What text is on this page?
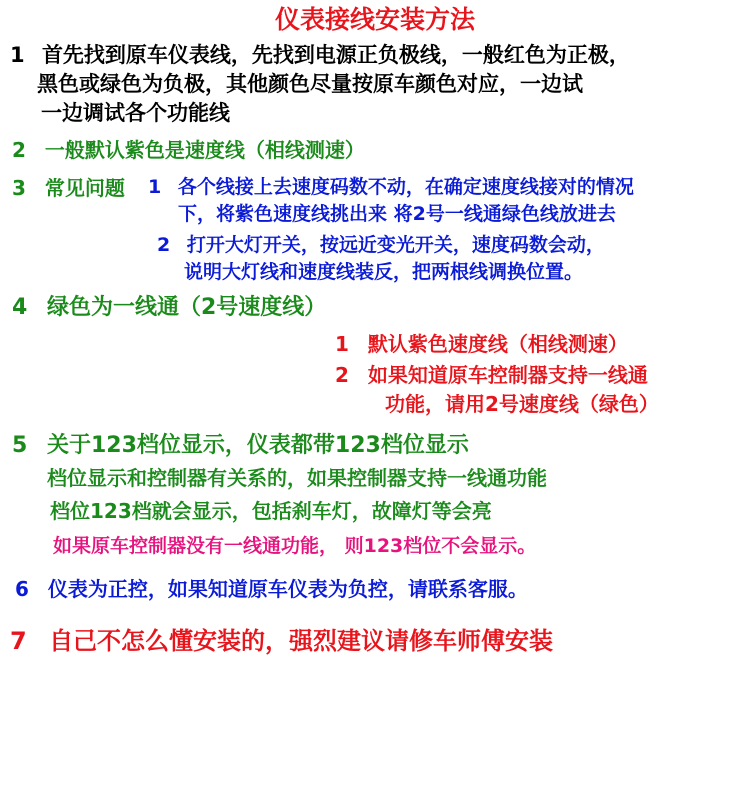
仪表接线安装方法
1 首先找到原车仪表线，先找到电源正负极线，一般红色为正极，
黑色或绿色为负极，其他颜色尽量按原车颜色对应，一边试
一边调试各个功能线
2 一般默认紫色是速度线（相线测速）
3 常见问题 1 各个线接上去速度码数不动，在确定速度线接对的情况
下，将紫色速度线挑出来 将2号一线通绿色线放进去
2 打开大灯开关，按远近变光开关，速度码数会动，
说明大灯线和速度线装反，把两根线调换位置。
4 绿色为一线通（2号速度线）
1 默认紫色速度线（相线测速）
2 如果知道原车控制器支持一线通
功能，请用2号速度线（绿色）
5 关于123档位显示，仪表都带123档位显示
档位显示和控制器有关系的，如果控制器支持一线通功能
档位123档就会显示，包括刹车灯，故障灯等会亮
如果原车控制器没有一线通功能， 则123档位不会显示。
6 仪表为正控，如果知道原车仪表为负控，请联系客服。
7 自己不怎么懂安装的，强烈建议请修车师傅安装
